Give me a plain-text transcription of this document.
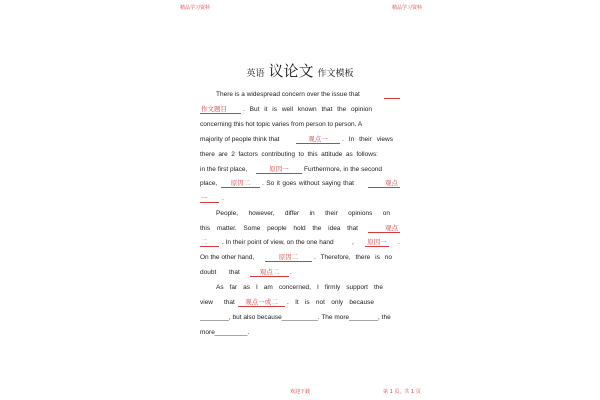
精品学习资料	精品学习资料
英语 议论文 作文模板
There is a widespread concern over the issue that
作文题目	. But it is well known that the opinion
concerning this hot topic varies from person to person. A
majority of people think that	观点一	. In their views
there are 2 factors contributing to this attitude as follows:
in the first place,	原因一	Furthermore, in the second
place,	原因二	. So it goes without saying that	观点
一	.
People, however, differ in their opinions on
this matter. Some people hold the idea that	观点
二	. In their point of view, on the one hand	,	原因一	.
On the other hand,	原因二	. Therefore, there is no
doubt that	观点二	.
As far as I am concerned, I firmly support the
view that	观点一或二	. It is not only because
________, but also because__________. The more________, the
more_________.
欢迎下载	第 1 页，共 1 页
